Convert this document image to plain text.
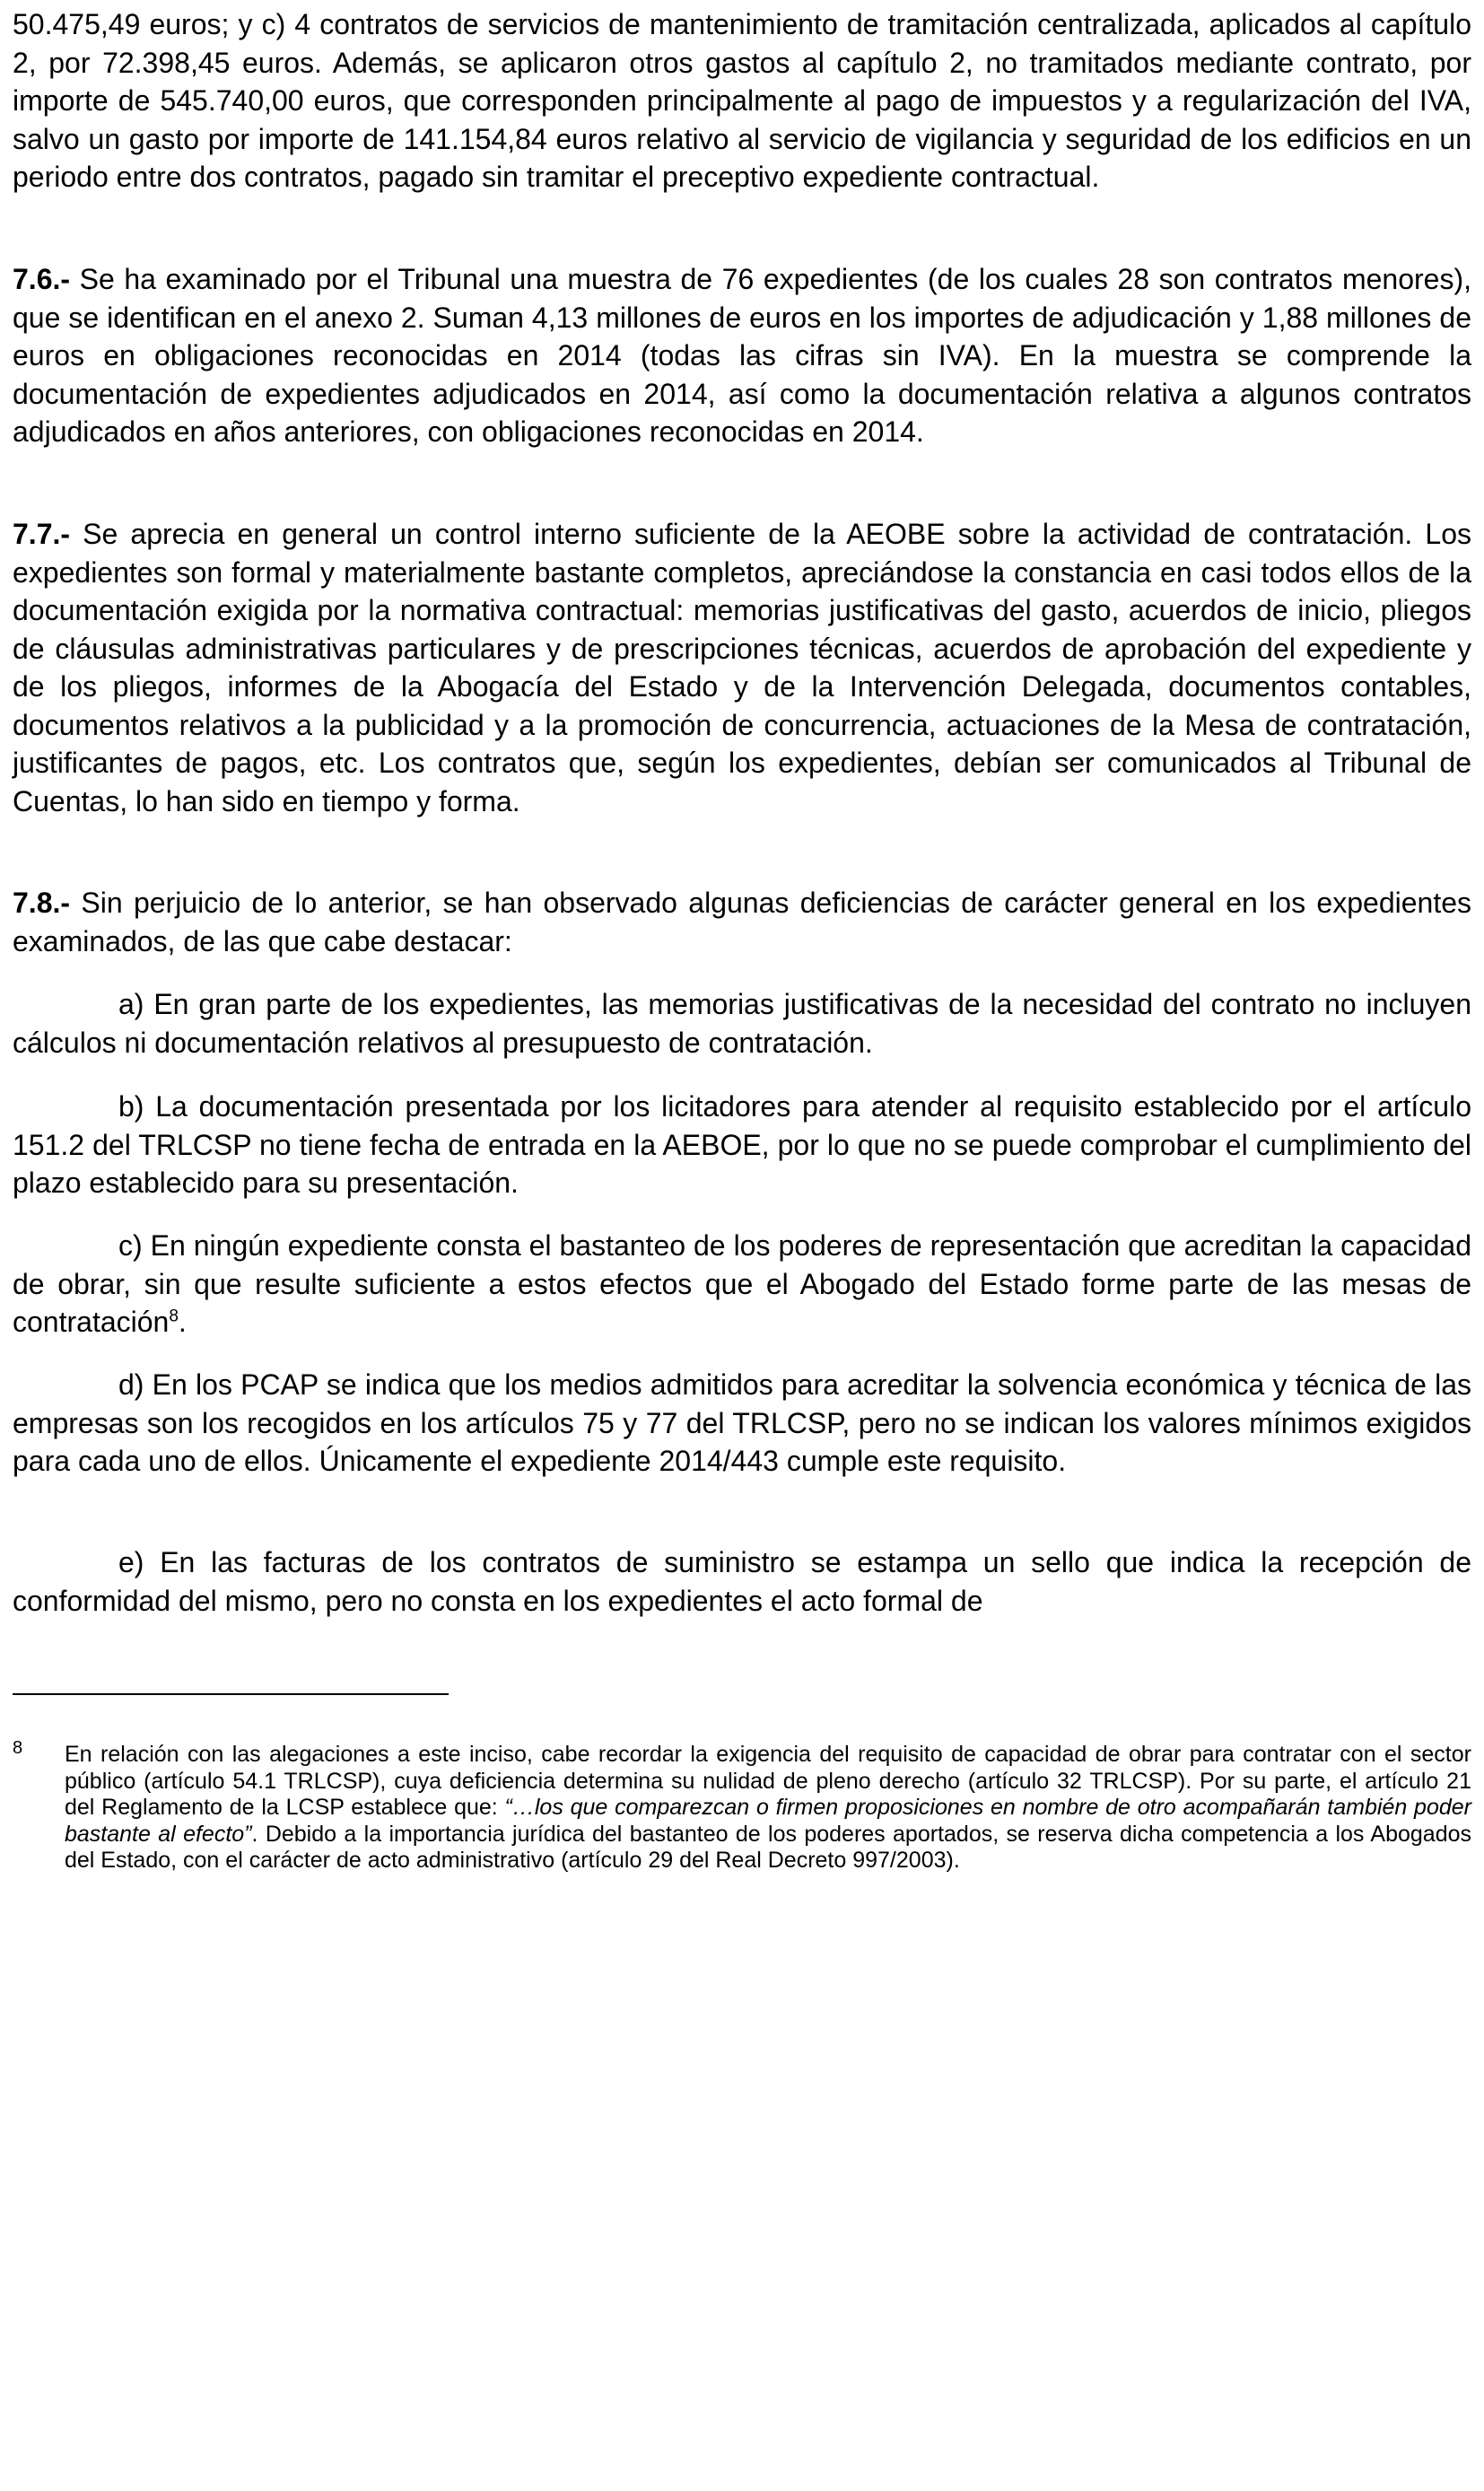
50.475,49 euros; y c) 4 contratos de servicios de mantenimiento de tramitación centralizada, aplicados al capítulo 2, por 72.398,45 euros. Además, se aplicaron otros gastos al capítulo 2, no tramitados mediante contrato, por importe de 545.740,00 euros, que corresponden principalmente al pago de impuestos y a regularización del IVA, salvo un gasto por importe de 141.154,84 euros relativo al servicio de vigilancia y seguridad de los edificios en un periodo entre dos contratos, pagado sin tramitar el preceptivo expediente contractual.

7.6.- Se ha examinado por el Tribunal una muestra de 76 expedientes (de los cuales 28 son contratos menores), que se identifican en el anexo 2. Suman 4,13 millones de euros en los importes de adjudicación y 1,88 millones de euros en obligaciones reconocidas en 2014 (todas las cifras sin IVA). En la muestra se comprende la documentación de expedientes adjudicados en 2014, así como la documentación relativa a algunos contratos adjudicados en años anteriores, con obligaciones reconocidas en 2014.

7.7.- Se aprecia en general un control interno suficiente de la AEOBE sobre la actividad de contratación. Los expedientes son formal y materialmente bastante completos, apreciándose la constancia en casi todos ellos de la documentación exigida por la normativa contractual: memorias justificativas del gasto, acuerdos de inicio, pliegos de cláusulas administrativas particulares y de prescripciones técnicas, acuerdos de aprobación del expediente y de los pliegos, informes de la Abogacía del Estado y de la Intervención Delegada, documentos contables, documentos relativos a la publicidad y a la promoción de concurrencia, actuaciones de la Mesa de contratación, justificantes de pagos, etc. Los contratos que, según los expedientes, debían ser comunicados al Tribunal de Cuentas, lo han sido en tiempo y forma.

7.8.- Sin perjuicio de lo anterior, se han observado algunas deficiencias de carácter general en los expedientes examinados, de las que cabe destacar:

a) En gran parte de los expedientes, las memorias justificativas de la necesidad del contrato no incluyen cálculos ni documentación relativos al presupuesto de contratación.

b) La documentación presentada por los licitadores para atender al requisito establecido por el artículo 151.2 del TRLCSP no tiene fecha de entrada en la AEBOE, por lo que no se puede comprobar el cumplimiento del plazo establecido para su presentación.

c) En ningún expediente consta el bastanteo de los poderes de representación que acreditan la capacidad de obrar, sin que resulte suficiente a estos efectos que el Abogado del Estado forme parte de las mesas de contratación$^8$.

d) En los PCAP se indica que los medios admitidos para acreditar la solvencia económica y técnica de las empresas son los recogidos en los artículos 75 y 77 del TRLCSP, pero no se indican los valores mínimos exigidos para cada uno de ellos. Únicamente el expediente 2014/443 cumple este requisito.

e) En las facturas de los contratos de suministro se estampa un sello que indica la recepción de conformidad del mismo, pero no consta en los expedientes el acto formal de

8 En relación con las alegaciones a este inciso, cabe recordar la exigencia del requisito de capacidad de obrar para contratar con el sector público (artículo 54.1 TRLCSP), cuya deficiencia determina su nulidad de pleno derecho (artículo 32 TRLCSP). Por su parte, el artículo 21 del Reglamento de la LCSP establece que: “…los que comparezcan o firmen proposiciones en nombre de otro acompañarán también poder bastante al efecto”. Debido a la importancia jurídica del bastanteo de los poderes aportados, se reserva dicha competencia a los Abogados del Estado, con el carácter de acto administrativo (artículo 29 del Real Decreto 997/2003).
